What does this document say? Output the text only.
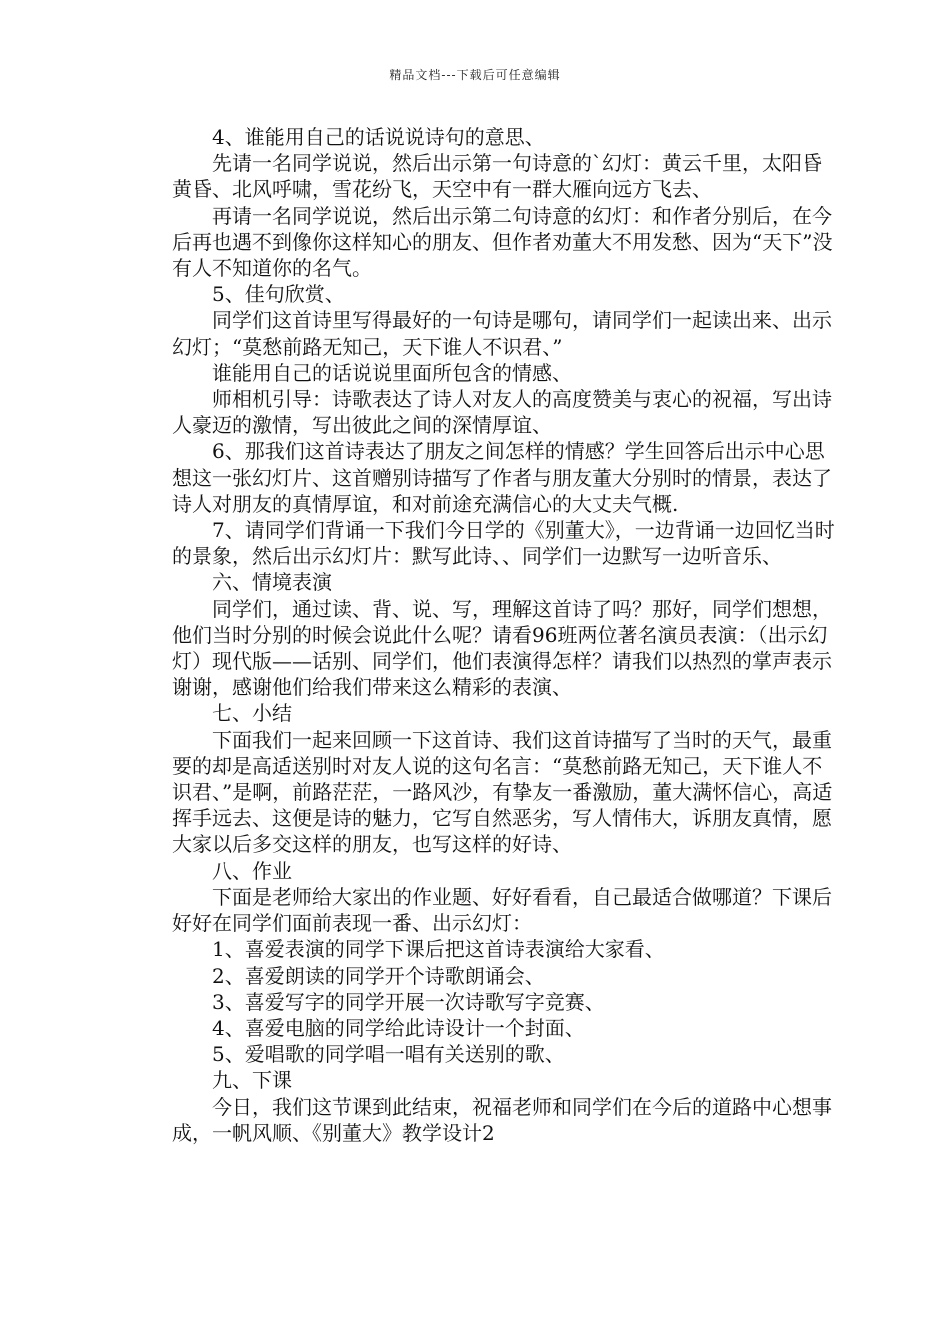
精品文档---下载后可任意编辑

4、谁能用自己的话说说诗句的意思、

先请一名同学说说，然后出示第一句诗意的`幻灯：黄云千里，太阳昏黄昏、北风呼啸，雪花纷飞，天空中有一群大雁向远方飞去、

再请一名同学说说，然后出示第二句诗意的幻灯：和作者分别后，在今后再也遇不到像你这样知心的朋友、但作者劝董大不用发愁、因为“天下”没有人不知道你的名气。

5、佳句欣赏、

同学们这首诗里写得最好的一句诗是哪句，请同学们一起读出来、出示幻灯；“莫愁前路无知己，天下谁人不识君、”

谁能用自己的话说说里面所包含的情感、

师相机引导：诗歌表达了诗人对友人的高度赞美与衷心的祝福，写出诗人豪迈的激情，写出彼此之间的深情厚谊、

6、那我们这首诗表达了朋友之间怎样的情感？学生回答后出示中心思想这一张幻灯片、这首赠别诗描写了作者与朋友董大分别时的情景，表达了诗人对朋友的真情厚谊，和对前途充满信心的大丈夫气概.

7、请同学们背诵一下我们今日学的《别董大》，一边背诵一边回忆当时的景象，然后出示幻灯片：默写此诗、、同学们一边默写一边听音乐、

六、情境表演

同学们，通过读、背、说、写，理解这首诗了吗？那好，同学们想想，他们当时分别的时候会说此什么呢？请看96班两位著名演员表演：（出示幻灯）现代版——话别、同学们，他们表演得怎样？请我们以热烈的掌声表示谢谢，感谢他们给我们带来这么精彩的表演、

七、小结

下面我们一起来回顾一下这首诗、我们这首诗描写了当时的天气，最重要的却是高适送别时对友人说的这句名言：“莫愁前路无知己，天下谁人不识君、”是啊，前路茫茫，一路风沙，有挚友一番激励，董大满怀信心，高适挥手远去、这便是诗的魅力，它写自然恶劣，写人情伟大，诉朋友真情，愿大家以后多交这样的朋友，也写这样的好诗、

八、作业

下面是老师给大家出的作业题、好好看看，自己最适合做哪道？下课后好好在同学们面前表现一番、出示幻灯：

1、喜爱表演的同学下课后把这首诗表演给大家看、

2、喜爱朗读的同学开个诗歌朗诵会、

3、喜爱写字的同学开展一次诗歌写字竞赛、

4、喜爱电脑的同学给此诗设计一个封面、

5、爱唱歌的同学唱一唱有关送别的歌、

九、下课

今日，我们这节课到此结束，祝福老师和同学们在今后的道路中心想事成，一帆风顺、《别董大》教学设计2
